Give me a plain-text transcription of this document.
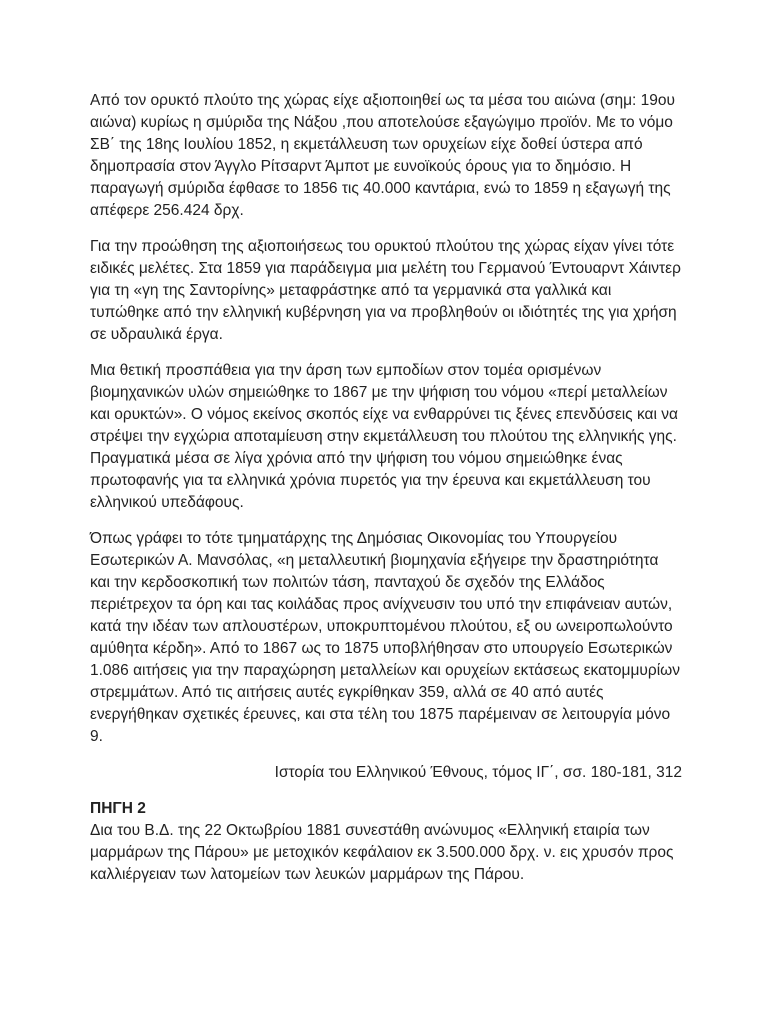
Από τον ορυκτό πλούτο της χώρας είχε αξιοποιηθεί ως τα μέσα του αιώνα (σημ: 19ου αιώνα) κυρίως η σμύριδα της Νάξου ,που αποτελούσε εξαγώγιμο προϊόν. Με το νόμο ΣΒ΄ της 18ης Ιουλίου 1852, η εκμετάλλευση των ορυχείων είχε δοθεί ύστερα από δημοπρασία στον Άγγλο Ρίτσαρντ Άμποτ με ευνοϊκούς όρους για το δημόσιο. Η παραγωγή σμύριδα έφθασε το 1856 τις 40.000 καντάρια, ενώ το 1859 η εξαγωγή της απέφερε 256.424 δρχ.

Για την προώθηση της αξιοποιήσεως του ορυκτού πλούτου της χώρας είχαν γίνει τότε ειδικές μελέτες. Στα 1859 για παράδειγμα μια μελέτη του Γερμανού Έντουαρντ Χάιντερ για τη «γη της Σαντορίνης» μεταφράστηκε από τα γερμανικά στα γαλλικά και τυπώθηκε από την ελληνική κυβέρνηση για να προβληθούν οι ιδιότητές της για χρήση σε υδραυλικά έργα.

Μια θετική προσπάθεια για την άρση των εμποδίων στον τομέα ορισμένων βιομηχανικών υλών σημειώθηκε το 1867 με την ψήφιση του νόμου «περί μεταλλείων και ορυκτών». Ο νόμος εκείνος σκοπός είχε να ενθαρρύνει τις ξένες επενδύσεις και να στρέψει την εγχώρια αποταμίευση στην εκμετάλλευση του πλούτου της ελληνικής γης. Πραγματικά μέσα σε λίγα χρόνια από την ψήφιση του νόμου σημειώθηκε ένας πρωτοφανής για τα ελληνικά χρόνια πυρετός για την έρευνα και εκμετάλλευση του ελληνικού υπεδάφους.

Όπως γράφει το τότε τμηματάρχης της Δημόσιας Οικονομίας του Υπουργείου Εσωτερικών Α. Μανσόλας, «η μεταλλευτική βιομηχανία εξήγειρε την δραστηριότητα και την κερδοσκοπική των πολιτών τάση, πανταχού δε σχεδόν της Ελλάδος περιέτρεχον τα όρη και τας κοιλάδας προς ανίχνευσιν του υπό την επιφάνειαν αυτών, κατά την ιδέαν των απλουστέρων, υποκρυπτομένου πλούτου, εξ ου ωνειροπωλούντο αμύθητα κέρδη». Από το 1867 ως το 1875 υποβλήθησαν στο υπουργείο Εσωτερικών 1.086 αιτήσεις για την παραχώρηση μεταλλείων και ορυχείων εκτάσεως εκατομμυρίων στρεμμάτων. Από τις αιτήσεις αυτές εγκρίθηκαν 359, αλλά σε 40 από αυτές ενεργήθηκαν σχετικές έρευνες, και στα τέλη του 1875 παρέμειναν σε λειτουργία μόνο 9.

Ιστορία του Ελληνικού Έθνους, τόμος ΙΓ΄, σσ. 180-181, 312

ΠΗΓΗ 2

Δια του Β.Δ. της 22 Οκτωβρίου 1881 συνεστάθη ανώνυμος «Ελληνική εταιρία των μαρμάρων της Πάρου» με μετοχικόν κεφάλαιον εκ 3.500.000 δρχ. ν. εις χρυσόν προς καλλιέργειαν των λατομείων των λευκών μαρμάρων της Πάρου.
